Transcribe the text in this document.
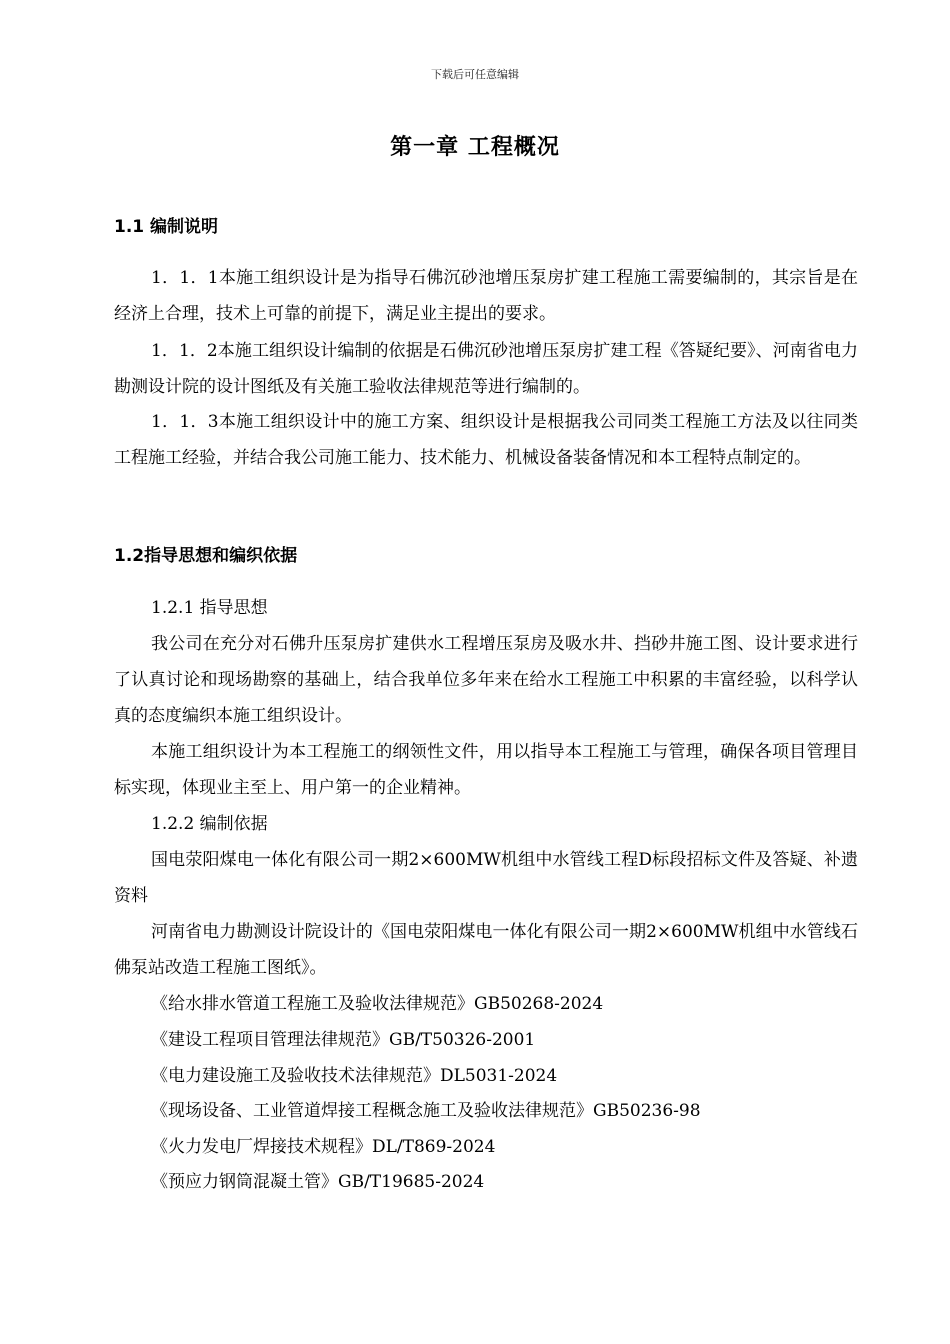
下载后可任意编辑
第一章 工程概况
1.1 编制说明
1．1．1本施工组织设计是为指导石佛沉砂池增压泵房扩建工程施工需要编制的，其宗旨是在经济上合理，技术上可靠的前提下，满足业主提出的要求。
1．1．2本施工组织设计编制的依据是石佛沉砂池增压泵房扩建工程《答疑纪要》、河南省电力勘测设计院的设计图纸及有关施工验收法律规范等进行编制的。
1．1．3本施工组织设计中的施工方案、组织设计是根据我公司同类工程施工方法及以往同类工程施工经验，并结合我公司施工能力、技术能力、机械设备装备情况和本工程特点制定的。
1.2指导思想和编织依据
1.2.1 指导思想
我公司在充分对石佛升压泵房扩建供水工程增压泵房及吸水井、挡砂井施工图、设计要求进行了认真讨论和现场勘察的基础上，结合我单位多年来在给水工程施工中积累的丰富经验，以科学认真的态度编织本施工组织设计。
本施工组织设计为本工程施工的纲领性文件，用以指导本工程施工与管理，确保各项目管理目标实现，体现业主至上、用户第一的企业精神。
1.2.2 编制依据
国电荥阳煤电一体化有限公司一期2×600MW机组中水管线工程D标段招标文件及答疑、补遗资料
河南省电力勘测设计院设计的《国电荥阳煤电一体化有限公司一期2×600MW机组中水管线石佛泵站改造工程施工图纸》。
《给水排水管道工程施工及验收法律规范》GB50268-2024
《建设工程项目管理法律规范》GB/T50326-2001
《电力建设施工及验收技术法律规范》DL5031-2024
《现场设备、工业管道焊接工程概念施工及验收法律规范》GB50236-98
《火力发电厂焊接技术规程》DL/T869-2024
《预应力钢筒混凝土管》GB/T19685-2024
